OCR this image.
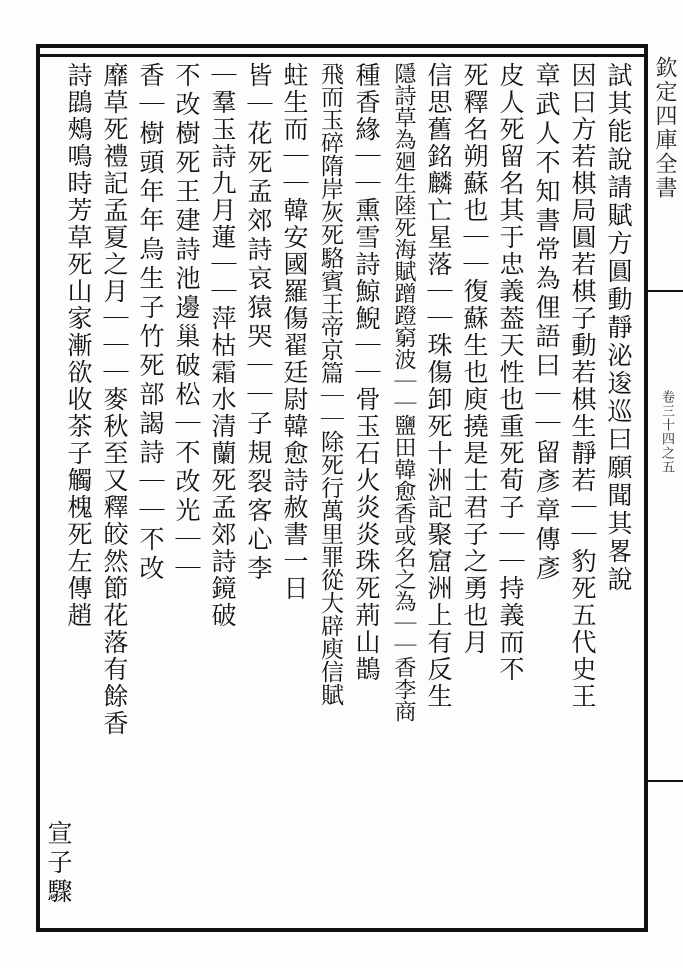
欽定四庫全書
卷三十四之五
試其能說請賦方圓動靜泌逡巡曰願聞其畧說
因曰方若棋局圓若棋子動若棋生靜若｜｜豹死五代史王
章武人不知書常為俚語曰｜｜留彥章傳彥
皮人死留名其于忠義葢天性也重死荀子｜｜持義而不
死釋名朔蘇也｜｜復蘇生也庾撓是士君子之勇也月
信思舊銘麟亡星落｜｜珠傷卸死十洲記聚窟洲上有反生
隱詩草為廻生陸死海賦蹭蹬窮波｜｜鹽田韓愈香或名之為｜｜香李商
種香緣｜｜熏雪詩鯨鯢｜｜骨玉石火炎炎珠死荊山鵲
飛而玉碎隋岸灰死駱賓王帝京篇｜｜除死行萬里罪從大辟庾信賦
蛀生而｜｜韓安國羅傷翟廷尉韓愈詩赦書一日
皆｜花死孟郊詩哀猿哭｜｜子規裂客心李
｜羣玉詩九月蓮｜｜萍枯霜水清蘭死孟郊詩鏡破
不改樹死王建詩池邊巢破松｜不改光｜｜
香｜樹頭年年烏生子竹死部謁詩｜｜不改
靡草死禮記孟夏之月｜｜｜麥秋至又釋皎然節花落有餘香
詩鵾鵊鳴時芳草死山家漸欲收茶子觸槐死左傳趙
宣子驟
